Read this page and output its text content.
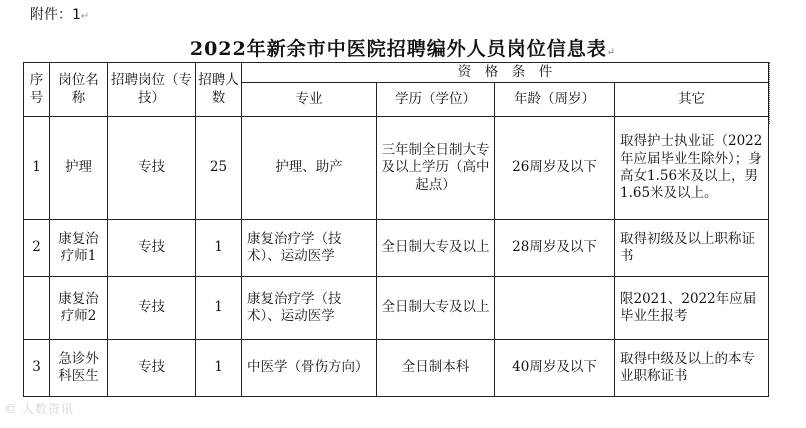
附件：1↵
2022年新余市中医院招聘编外人员岗位信息表↵
序号	岗位名称	招聘岗位（专技）	招聘人数	资　格　条　件			
				专业	学历（学位）	年龄（周岁）	其它
1	护理	专技	25	护理、助产	三年制全日制大专及以上学历（高中起点）	26周岁及以下	取得护士执业证（2022年应届毕业生除外）；身高女1.56米及以上，男1.65米及以上。
2	康复治疗师1	专技	1	康复治疗学（技术）、运动医学	全日制大专及以上	28周岁及以下	取得初级及以上职称证书
	康复治疗师2	专技	1	康复治疗学（技术）、运动医学	全日制大专及以上		限2021、2022年应届毕业生报考
3	急诊外科医生	专技	1	中医学（骨伤方向）	全日制本科	40周岁及以下	取得中级及以上的本专业职称证书
© 人数资讯
